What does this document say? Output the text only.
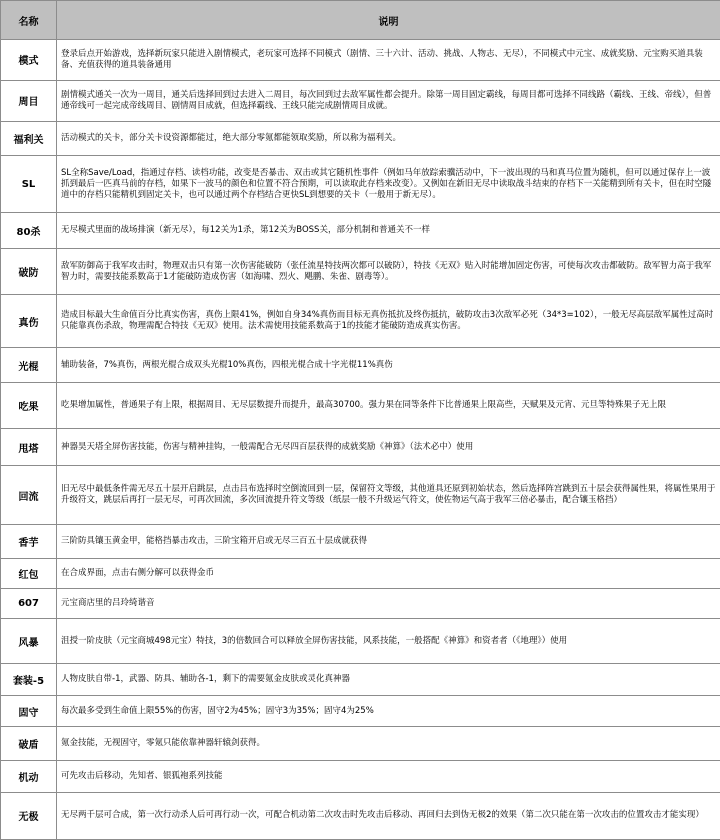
名称	说明
模式	登录后点开始游戏，选择新玩家只能进入剧情模式，老玩家可选择不同模式（剧情、三十六计、活动、挑战、人物志、无尽），不同模式中元宝、成就奖励、元宝购买道具装备、充值获得的道具装备通用
周目	剧情模式通关一次为一周目，通关后选择回到过去进入二周目，每次回到过去敌军属性都会提升。除第一周目固定霸线，每周目都可选择不同线路（霸线、王线、帝线），但普通帝线可一起完成帝线周目、剧情周目成就，但选择霸线、王线只能完成剧情周目成就。
福利关	活动模式的关卡，部分关卡设资源都能过，绝大部分零氪都能领取奖励，所以称为福利关。
SL	SL全称Save/Load，指通过存档、读档功能，改变是否暴击、双击或其它随机性事件（例如马年放踪索骥活动中，下一波出现的马和真马位置为随机，但可以通过保存上一波抓到最后一匹真马前的存档，如果下一波马的颜色和位置不符合预期，可以读取此存档来改变）。又例如在新旧无尽中读取战斗结束的存档下一关能精到所有关卡，但在时空隧道中的存档只能精机到固定关卡，也可以通过两个存档结合更快SL到想要的关卡（一般用于新无尽）。
80杀	无尽模式里面的战场排演（新无尽），每12关为1杀，第12关为BOSS关，部分机制和普通关不一样
破防	敌军防御高于我军攻击时，物理双击只有第一次伤害能破防（张任流星特技两次都可以破防），特技《无双》贴入时能增加固定伤害，可使每次攻击都破防。敌军智力高于我军智力时，需要技能系数高于1才能破防造成伤害（如海啸、烈火、飓鹏、朱雀、剧毒等）。
真伤	造成目标最大生命值百分比真实伤害，真伤上限41%，例如自身34%真伤而目标无真伤抵抗及终伤抵抗，破防攻击3次敌军必死（34*3=102），一般无尽高层敌军属性过高时只能靠真伤杀敌，物理需配合特技《无双》使用。法术需使用技能系数高于1的技能才能破防造成真实伤害。
光棍	辅助装备，7%真伤，两根光棍合成双头光棍10%真伤，四根光棍合成十字光棍11%真伤
吃果	吃果增加属性，普通果子有上限，根据周目、无尽层数提升而提升，最高30700。强力果在同等条件下比普通果上限高些，天赋果及元宵、元旦等特殊果子无上限
甩塔	神器昊天塔全屏伤害技能，伤害与精神挂钩，一般需配合无尽四百层获得的成就奖励《神算》（法术必中）使用
回流	旧无尽中最低条件需无尽五十层开启跳层，点击吕布选择时空倒流回到一层，保留符文等级，其他道具还原到初始状态，然后选择阵宫跳到五十层会获得属性果，将属性果用于升级符文，跳层后再打一层无尽，可再次回流，多次回流提升符文等级（纸层一般不升级运气符文，使佐物运气高于我军三倍必暴击，配合镶玉格挡）
香芋	三阶防具镶玉黄金甲，能格挡暴击攻击，三阶宝箱开启或无尽三百五十层成就获得
红包	在合成界面，点击右侧分解可以获得金币
607	元宝商店里的吕玲绮谐音
风暴	沮授一阶皮肤（元宝商城498元宝）特技，3的倍数回合可以释放全屏伤害技能，风系技能，一般搭配《神算》和资者者（《地理》）使用
套装-5	人物皮肤自带-1，武器、防具、辅助各-1，剩下的需要氪金皮肤或灵化真神器
固守	每次最多受到生命值上限55%的伤害，固守2为45%；固守3为35%；固守4为25%
破盾	氪金技能，无视固守，零氪只能依靠神器轩辕剑获得。
机动	可先攻击后移动，先知者、银狐袍系列技能
无极	无尽两千层可合成，第一次行动杀人后可再行动一次，可配合机动第二次攻击时先攻击后移动、再回归去到伪无极2的效果（第二次只能在第一次攻击的位置攻击才能实现）
